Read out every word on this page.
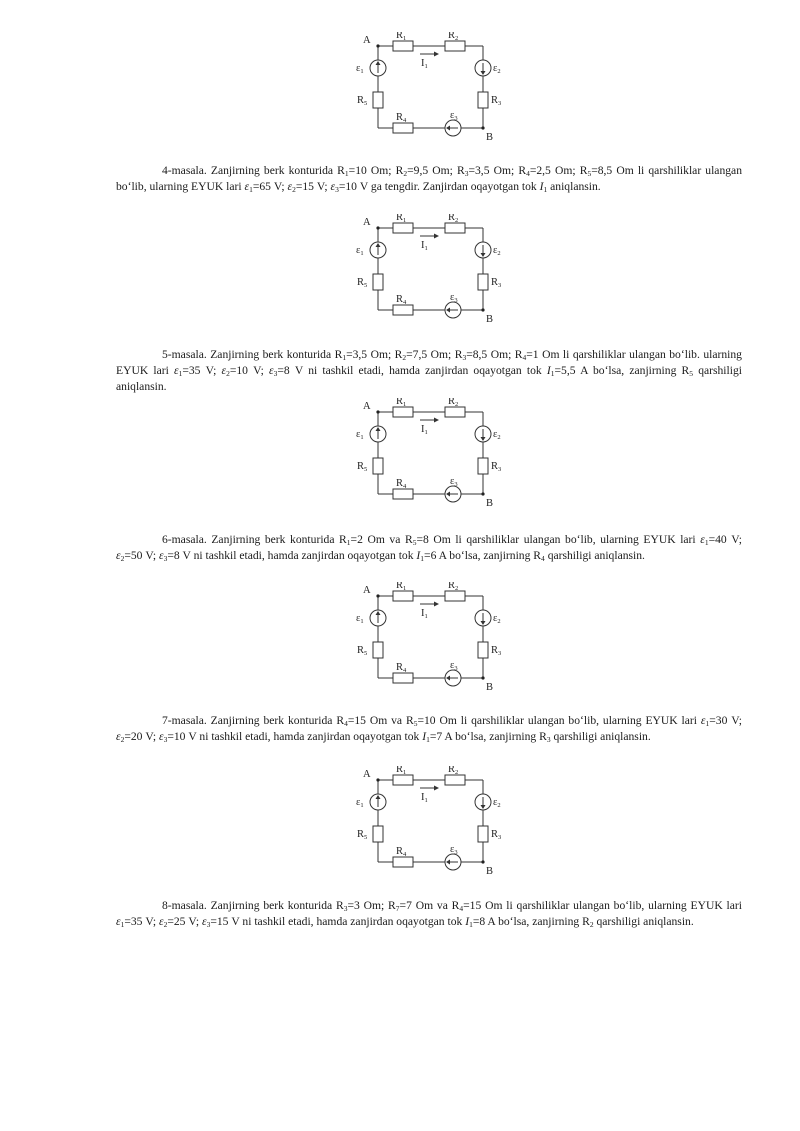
A
B
R1	R2
R3
R4
R5
I1
ε1	ε2
ε3
4-masala. Zanjirning berk konturida $R_1=10$ Om; $R_2=9,5$ Om; $R_3=3,5$ Om; $R_4=2,5$ Om; $R_5=8,5$ Om li qarshiliklar ulangan bo‘lib, ularning EYUK lari $\varepsilon_1=65$ V; $\varepsilon_2=15$ V; $\varepsilon_3=10$ V ga tengdir. Zanjirdan oqayotgan tok $I_1$ aniqlansin.
A
B
R1	R2
R3
R4
R5
I1
ε1	ε2
ε3
5-masala. Zanjirning berk konturida $R_1=3,5$ Om; $R_2=7,5$ Om; $R_3=8,5$ Om; $R_4=1$ Om li qarshiliklar ulangan bo‘lib. ularning EYUK lari $\varepsilon_1=35$ V; $\varepsilon_2=10$ V; $\varepsilon_3=8$ V ni tashkil etadi, hamda zanjirdan oqayotgan tok $I_1=5,5$ A bo‘lsa, zanjirning $R_5$ qarshiligi aniqlansin.
A
B
R1	R2
R3
R4
R5
I1
ε1	ε2
ε3
6-masala. Zanjirning berk konturida $R_1=2$ Om va $R_5=8$ Om li qarshiliklar ulangan bo‘lib, ularning EYUK lari $\varepsilon_1=40$ V; $\varepsilon_2=50$ V; $\varepsilon_3=8$ V ni tashkil etadi, hamda zanjirdan oqayotgan tok $I_1=6$ A bo‘lsa, zanjirning $R_4$ qarshiligi aniqlansin.
A
B
R1	R2
R3
R4
R5
I1
ε1	ε2
ε3
7-masala. Zanjirning berk konturida $R_4=15$ Om va $R_5=10$ Om li qarshiliklar ulangan bo‘lib, ularning EYUK lari $\varepsilon_1=30$ V; $\varepsilon_2=20$ V; $\varepsilon_3=10$ V ni tashkil etadi, hamda zanjirdan oqayotgan tok $I_1=7$ A bo‘lsa, zanjirning $R_3$ qarshiligi aniqlansin.
A
B
R1	R2
R3
R4
R5
I1
ε1	ε2
ε3
8-masala. Zanjirning berk konturida $R_3=3$ Om; $R_7=7$ Om va $R_4=15$ Om li qarshiliklar ulangan bo‘lib, ularning EYUK lari $\varepsilon_1=35$ V; $\varepsilon_2=25$ V; $\varepsilon_3=15$ V ni tashkil etadi, hamda zanjirdan oqayotgan tok $I_1=8$ A bo‘lsa, zanjirning $R_2$ qarshiligi aniqlansin.
